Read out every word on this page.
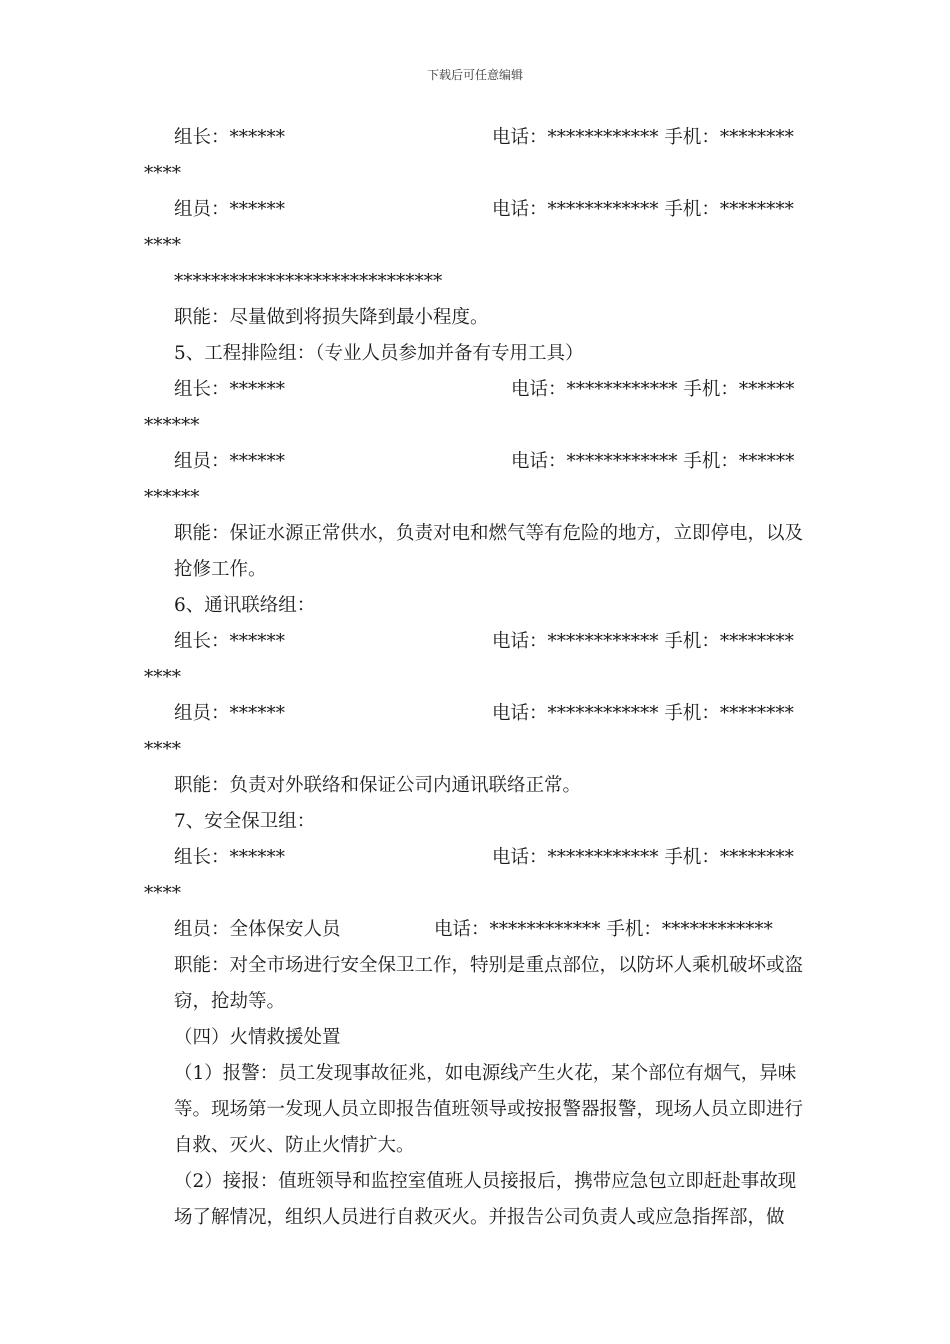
下载后可任意编辑
组长：******	电话：************ 手机：********
****
组员：******	电话：************ 手机：********
****
*****************************
职能：尽量做到将损失降到最小程度。
5、工程排险组：（专业人员参加并备有专用工具）
组长：******	电话：************ 手机：******
******
组员：******	电话：************ 手机：******
******
职能：保证水源正常供水，负责对电和燃气等有危险的地方，立即停电，以及抢修工作。
6、通讯联络组：
组长：******	电话：************ 手机：********
****
组员：******	电话：************ 手机：********
****
职能：负责对外联络和保证公司内通讯联络正常。
7、安全保卫组：
组长：******	电话：************ 手机：********
****
组员：全体保安人员	电话：************ 手机：************
职能：对全市场进行安全保卫工作，特别是重点部位，以防坏人乘机破坏或盗窃，抢劫等。
（四）火情救援处置
（1）报警：员工发现事故征兆，如电源线产生火花，某个部位有烟气，异味等。现场第一发现人员立即报告值班领导或按报警器报警，现场人员立即进行自救、灭火、防止火情扩大。
（2）接报：值班领导和监控室值班人员接报后，携带应急包立即赶赴事故现场了解情况，组织人员进行自救灭火。并报告公司负责人或应急指挥部，做
